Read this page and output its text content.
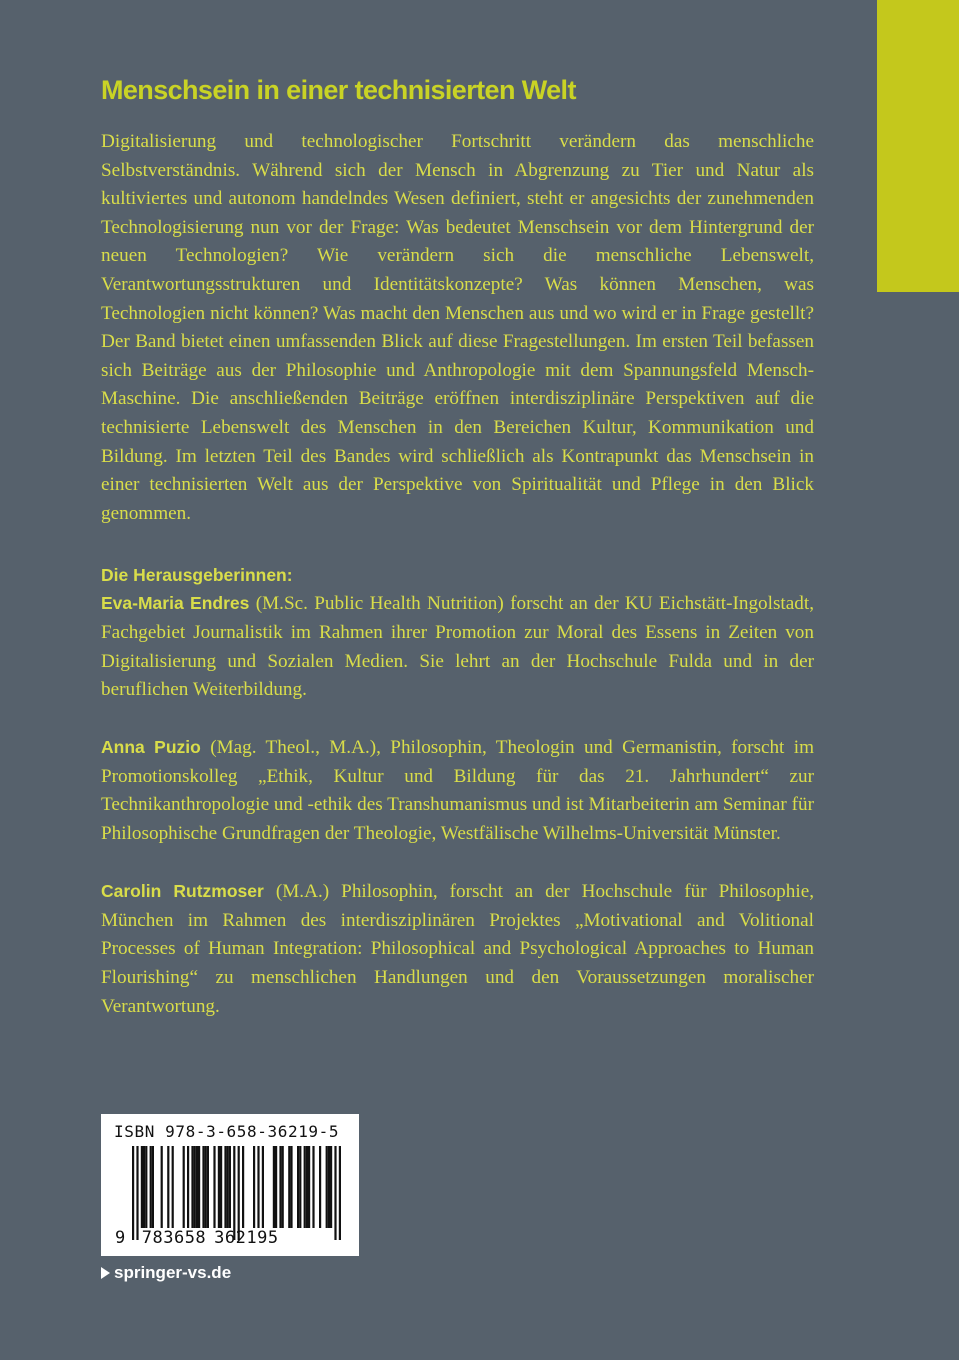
Menschsein in einer technisierten Welt

Digitalisierung und technologischer Fortschritt verändern das menschliche Selbstverständnis. Während sich der Mensch in Abgrenzung zu Tier und Natur als kultiviertes und autonom handelndes Wesen definiert, steht er angesichts der zunehmenden Technologisierung nun vor der Frage: Was bedeutet Menschsein vor dem Hintergrund der neuen Technologien? Wie verändern sich die menschliche Lebenswelt, Verantwortungsstrukturen und Identitätskonzepte? Was können Menschen, was Technologien nicht können? Was macht den Menschen aus und wo wird er in Frage gestellt? Der Band bietet einen umfassenden Blick auf diese Fragestellungen. Im ersten Teil befassen sich Beiträge aus der Philosophie und Anthropologie mit dem Spannungsfeld Mensch-Maschine. Die anschließenden Beiträge eröffnen interdisziplinäre Perspektiven auf die technisierte Lebenswelt des Menschen in den Bereichen Kultur, Kommunikation und Bildung. Im letzten Teil des Bandes wird schließlich als Kontrapunkt das Menschsein in einer technisierten Welt aus der Perspektive von Spiritualität und Pflege in den Blick genommen.

Die Herausgeberinnen:

Eva-Maria Endres (M.Sc. Public Health Nutrition) forscht an der KU Eichstätt-Ingolstadt, Fachgebiet Journalistik im Rahmen ihrer Promotion zur Moral des Essens in Zeiten von Digitalisierung und Sozialen Medien. Sie lehrt an der Hochschule Fulda und in der beruflichen Weiterbildung.

Anna Puzio (Mag. Theol., M.A.), Philosophin, Theologin und Germanistin, forscht im Promotionskolleg „Ethik, Kultur und Bildung für das 21. Jahrhundert“ zur Technikanthropologie und -ethik des Transhumanismus und ist Mitarbeiterin am Seminar für Philosophische Grundfragen der Theologie, Westfälische Wilhelms-Universität Münster.

Carolin Rutzmoser (M.A.) Philosophin, forscht an der Hochschule für Philosophie, München im Rahmen des interdisziplinären Projektes „Motivational and Volitional Processes of Human Integration: Philosophical and Psychological Approaches to Human Flourishing“ zu menschlichen Handlungen und den Voraussetzungen moralischer Verantwortung.

ISBN 978-3-658-36219-5
9 783658 362195
springer-vs.de
